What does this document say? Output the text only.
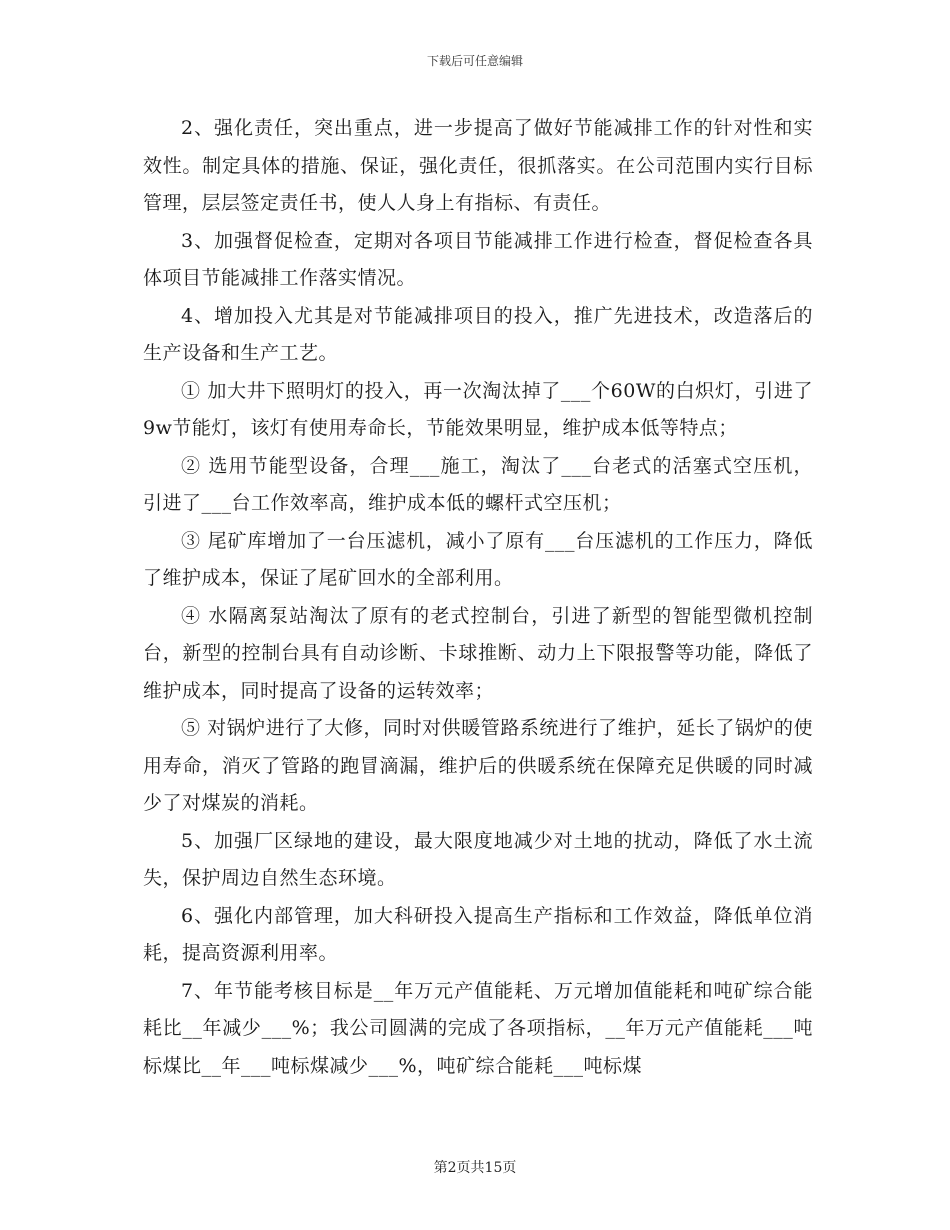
下载后可任意编辑

2、强化责任，突出重点，进一步提高了做好节能减排工作的针对性和实效性。制定具体的措施、保证，强化责任，很抓落实。在公司范围内实行目标管理，层层签定责任书，使人人身上有指标、有责任。

3、加强督促检查，定期对各项目节能减排工作进行检查，督促检查各具体项目节能减排工作落实情况。

4、增加投入尤其是对节能减排项目的投入，推广先进技术，改造落后的生产设备和生产工艺。

① 加大井下照明灯的投入，再一次淘汰掉了___个60W的白炽灯，引进了9w节能灯，该灯有使用寿命长，节能效果明显，维护成本低等特点；

② 选用节能型设备，合理___施工，淘汰了___台老式的活塞式空压机，引进了___台工作效率高，维护成本低的螺杆式空压机；

③ 尾矿库增加了一台压滤机，减小了原有___台压滤机的工作压力，降低了维护成本，保证了尾矿回水的全部利用。

④ 水隔离泵站淘汰了原有的老式控制台，引进了新型的智能型微机控制台，新型的控制台具有自动诊断、卡球推断、动力上下限报警等功能，降低了维护成本，同时提高了设备的运转效率；

⑤ 对锅炉进行了大修，同时对供暖管路系统进行了维护，延长了锅炉的使用寿命，消灭了管路的跑冒滴漏，维护后的供暖系统在保障充足供暖的同时减少了对煤炭的消耗。

5、加强厂区绿地的建设，最大限度地减少对土地的扰动，降低了水土流失，保护周边自然生态环境。

6、强化内部管理，加大科研投入提高生产指标和工作效益，降低单位消耗，提高资源利用率。

7、年节能考核目标是__年万元产值能耗、万元增加值能耗和吨矿综合能耗比__年减少___%；我公司圆满的完成了各项指标，__年万元产值能耗___吨标煤比__年___吨标煤减少___%，吨矿综合能耗___吨标煤

第2页共15页
